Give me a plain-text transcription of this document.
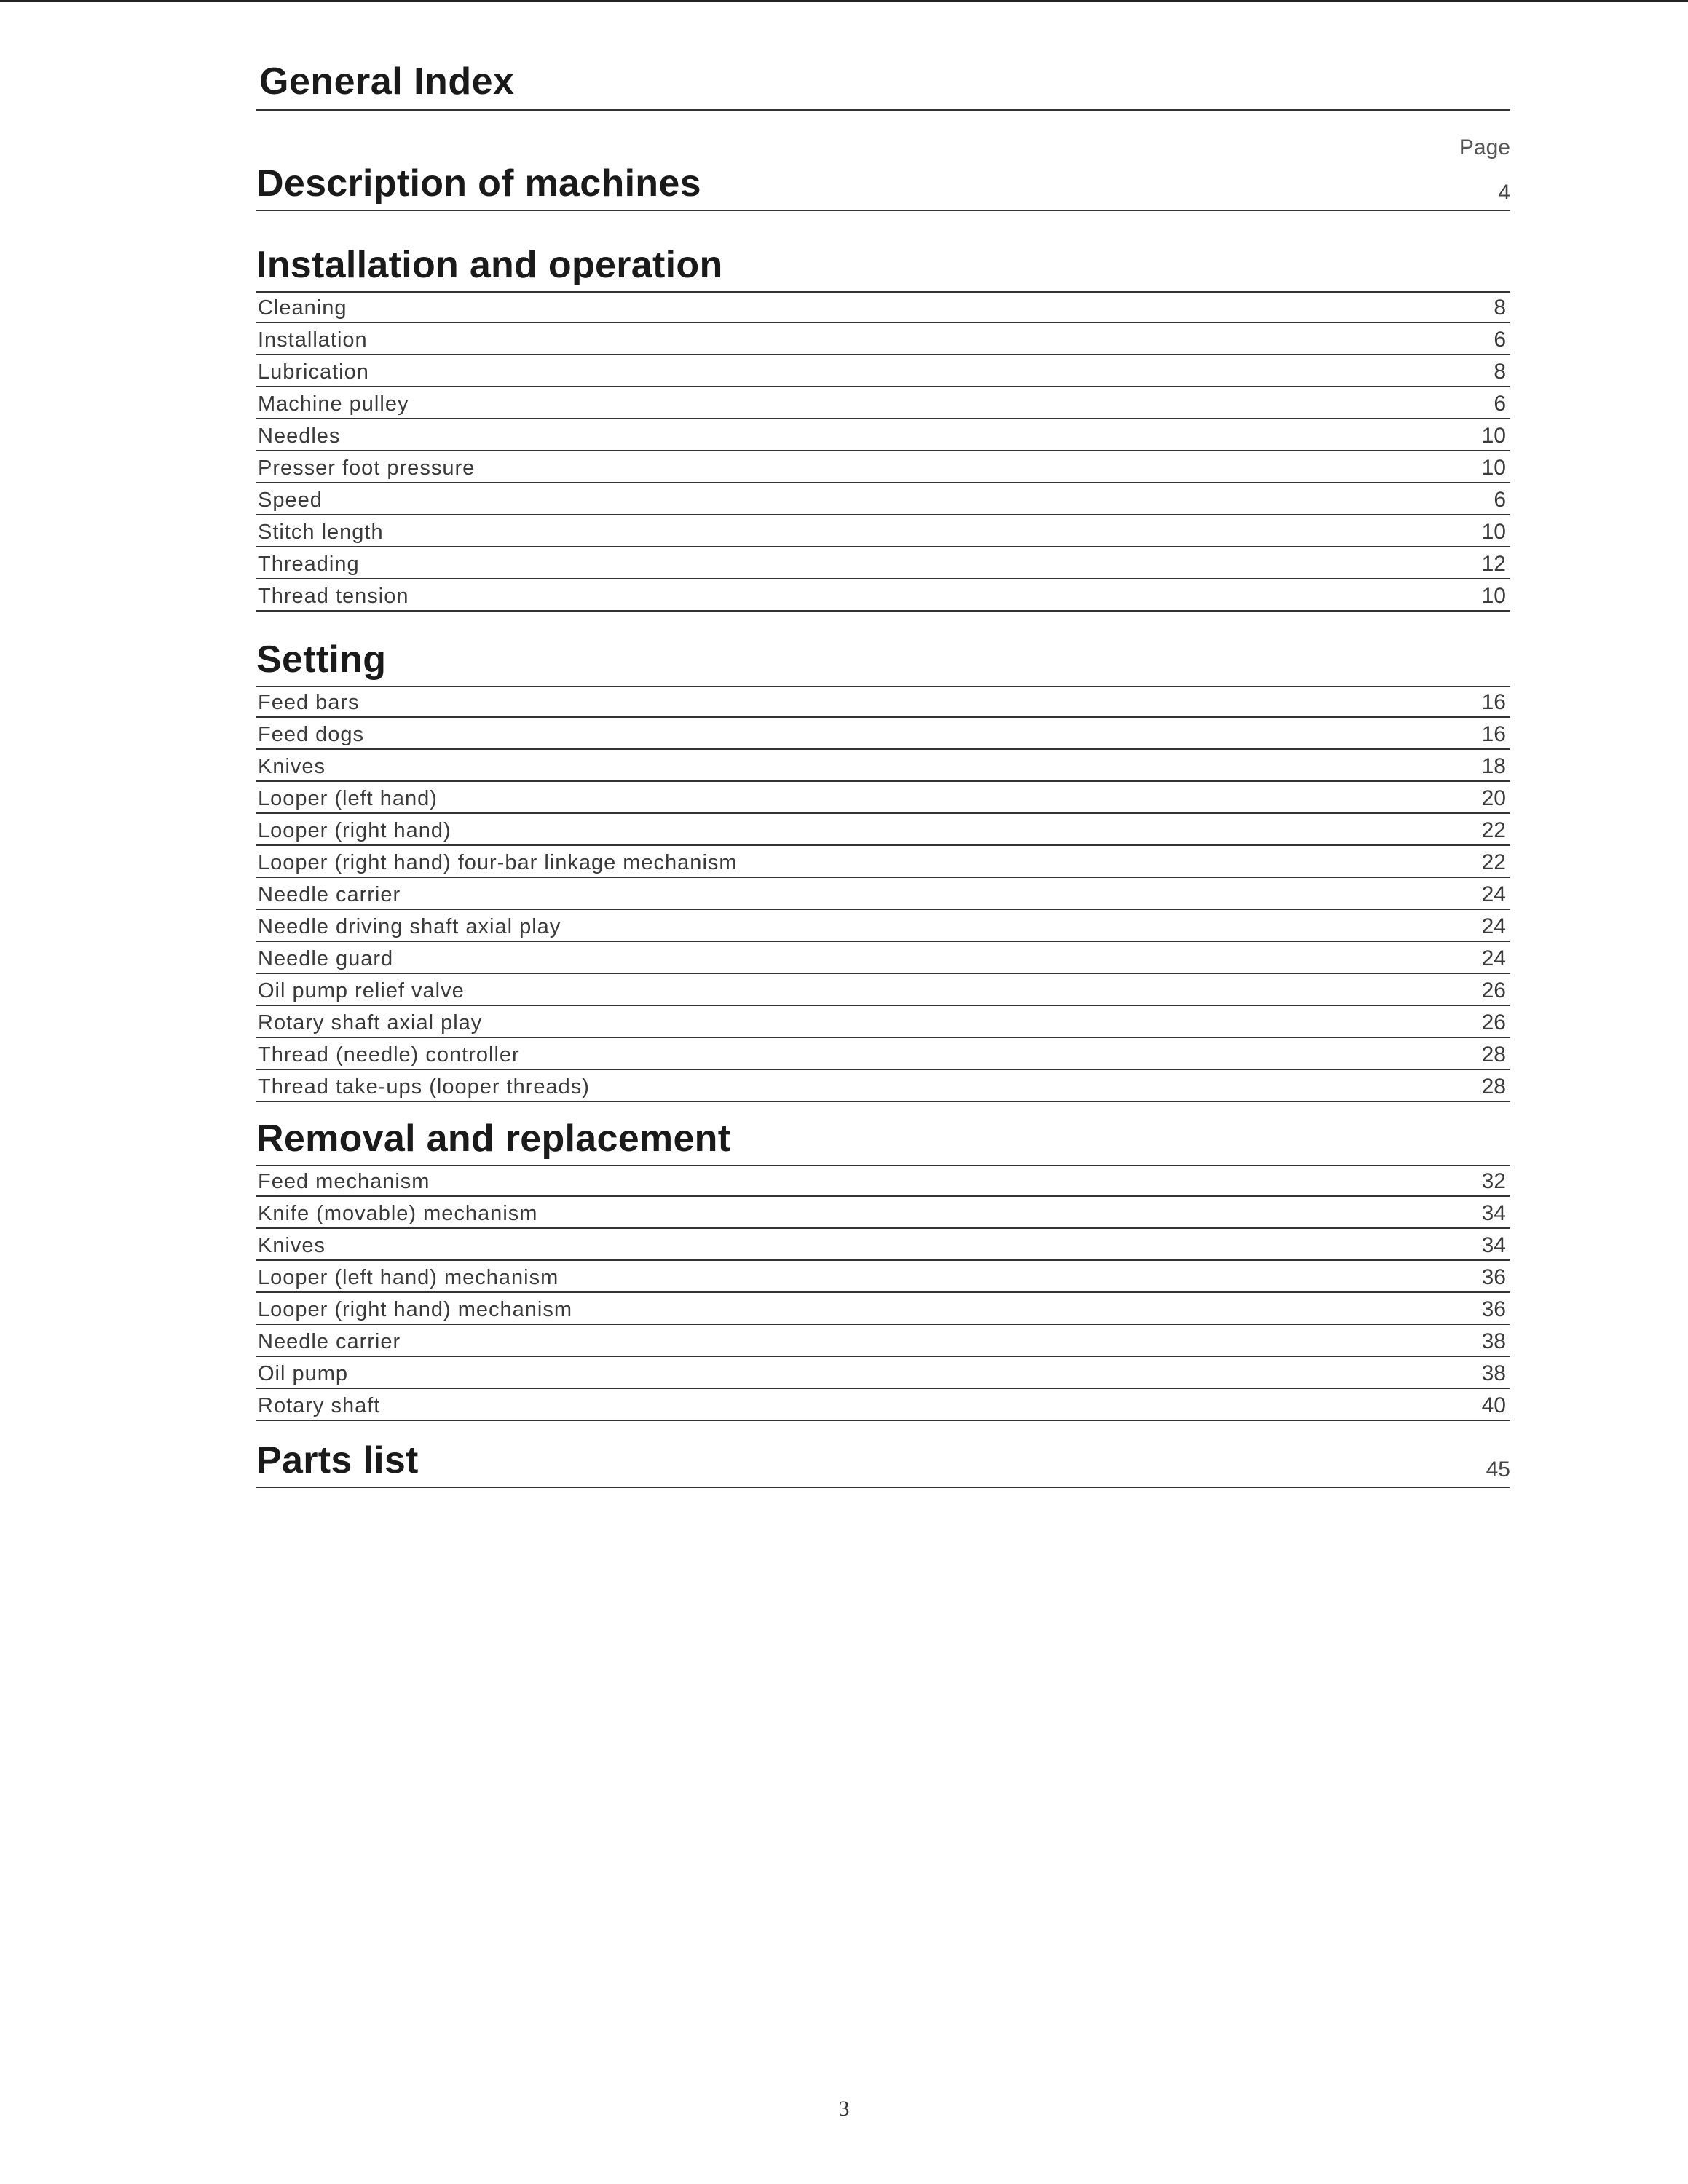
General Index
Page
Description of machines	4
Installation and operation
Cleaning	8
Installation	6
Lubrication	8
Machine pulley	6
Needles	10
Presser foot pressure	10
Speed	6
Stitch length	10
Threading	12
Thread tension	10
Setting
Feed bars	16
Feed dogs	16
Knives	18
Looper (left hand)	20
Looper (right hand)	22
Looper (right hand) four-bar linkage mechanism	22
Needle carrier	24
Needle driving shaft axial play	24
Needle guard	24
Oil pump relief valve	26
Rotary shaft axial play	26
Thread (needle) controller	28
Thread take-ups (looper threads)	28
Removal and replacement
Feed mechanism	32
Knife (movable) mechanism	34
Knives	34
Looper (left hand) mechanism	36
Looper (right hand) mechanism	36
Needle carrier	38
Oil pump	38
Rotary shaft	40
Parts list	45
3
